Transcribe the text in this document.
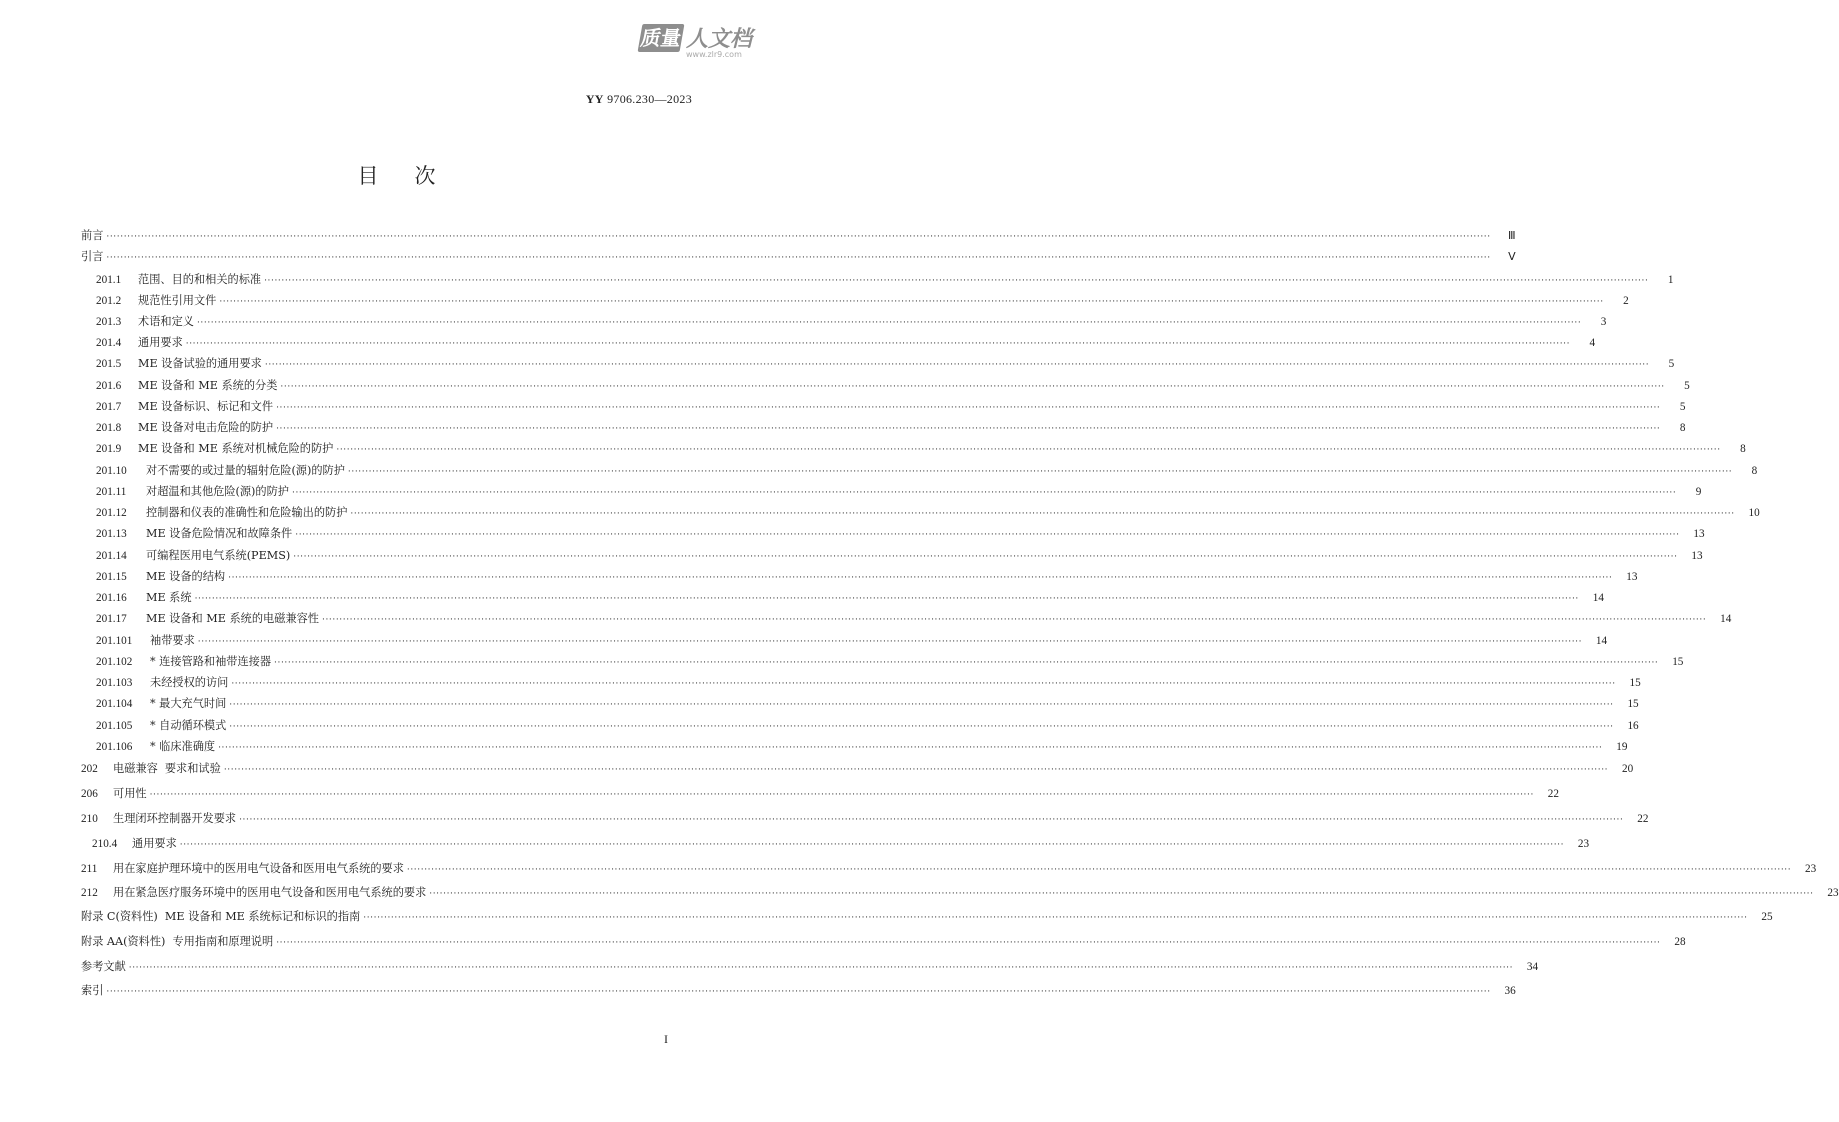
质量 人文档
www.zlr9.com
YY 9706.230—2023
目次
前言 ················································································································································································································································································································································································································	Ⅲ
引言 ················································································································································································································································································································································································································	Ⅴ
201.1	范围、目的和相关的标准 ················································································································································································································································································································································································································	1
201.2	规范性引用文件 ················································································································································································································································································································································································································	2
201.3	术语和定义 ················································································································································································································································································································································································································	3
201.4	通用要求 ················································································································································································································································································································································································································	4
201.5	ME 设备试验的通用要求 ················································································································································································································································································································································································································	5
201.6	ME 设备和 ME 系统的分类 ················································································································································································································································································································································································································	5
201.7	ME 设备标识、标记和文件 ················································································································································································································································································································································································································	5
201.8	ME 设备对电击危险的防护 ················································································································································································································································································································································································································	8
201.9	ME 设备和 ME 系统对机械危险的防护 ················································································································································································································································································································································································································	8
201.10	对不需要的或过量的辐射危险(源)的防护 ················································································································································································································································································································································································································	8
201.11	对超温和其他危险(源)的防护 ················································································································································································································································································································································································································	9
201.12	控制器和仪表的准确性和危险输出的防护 ················································································································································································································································································································································································································	10
201.13	ME 设备危险情况和故障条件 ················································································································································································································································································································································································································	13
201.14	可编程医用电气系统(PEMS) ················································································································································································································································································································································································································	13
201.15	ME 设备的结构 ················································································································································································································································································································································································································	13
201.16	ME 系统 ················································································································································································································································································································································································································	14
201.17	ME 设备和 ME 系统的电磁兼容性 ················································································································································································································································································································································································································	14
201.101	袖带要求 ················································································································································································································································································································································································································	14
201.102	* 连接管路和袖带连接器 ················································································································································································································································································································································································································	15
201.103	未经授权的访问 ················································································································································································································································································································································································································	15
201.104	* 最大充气时间 ················································································································································································································································································································································································································	15
201.105	* 自动循环模式 ················································································································································································································································································································································································································	16
201.106	* 临床准确度 ················································································································································································································································································································································································································	19
202	电磁兼容  要求和试验 ················································································································································································································································································································································································································	20
206	可用性 ················································································································································································································································································································································································································	22
210	生理闭环控制器开发要求 ················································································································································································································································································································································································································	22
210.4	通用要求 ················································································································································································································································································································································································································	23
211	用在家庭护理环境中的医用电气设备和医用电气系统的要求 ················································································································································································································································································································································································································	23
212	用在紧急医疗服务环境中的医用电气设备和医用电气系统的要求 ················································································································································································································································································································································································································	23
附录 C(资料性)  ME 设备和 ME 系统标记和标识的指南 ················································································································································································································································································································································································································	25
附录 AA(资料性)  专用指南和原理说明 ················································································································································································································································································································································································································	28
参考文献 ················································································································································································································································································································································································································	34
索引 ················································································································································································································································································································································································································	36
I
